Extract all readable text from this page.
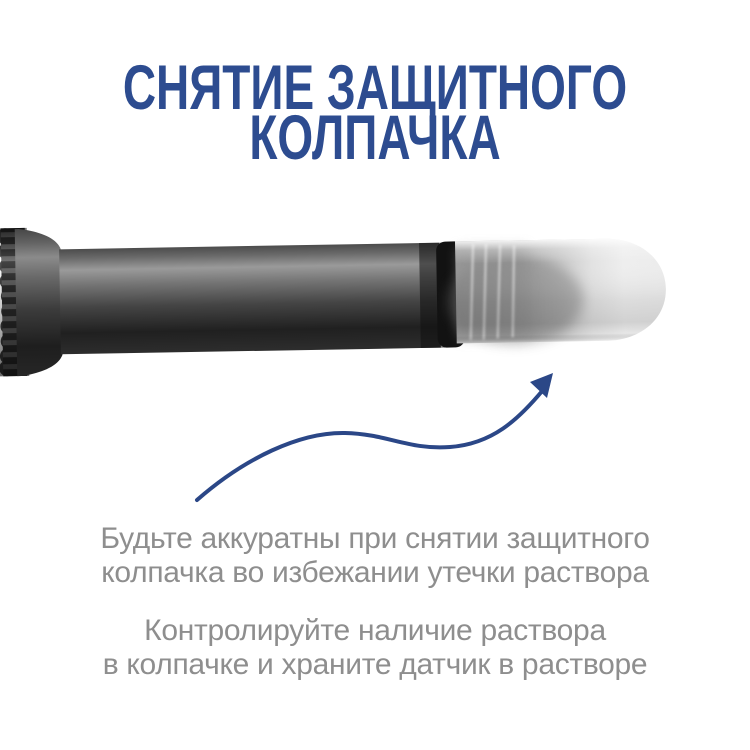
СНЯТИЕ ЗАЩИТНОГО
КОЛПАЧКА

Будьте аккуратны при снятии защитного
колпачка во избежании утечки раствора

Контролируйте наличие раствора
в колпачке и храните датчик в растворе
